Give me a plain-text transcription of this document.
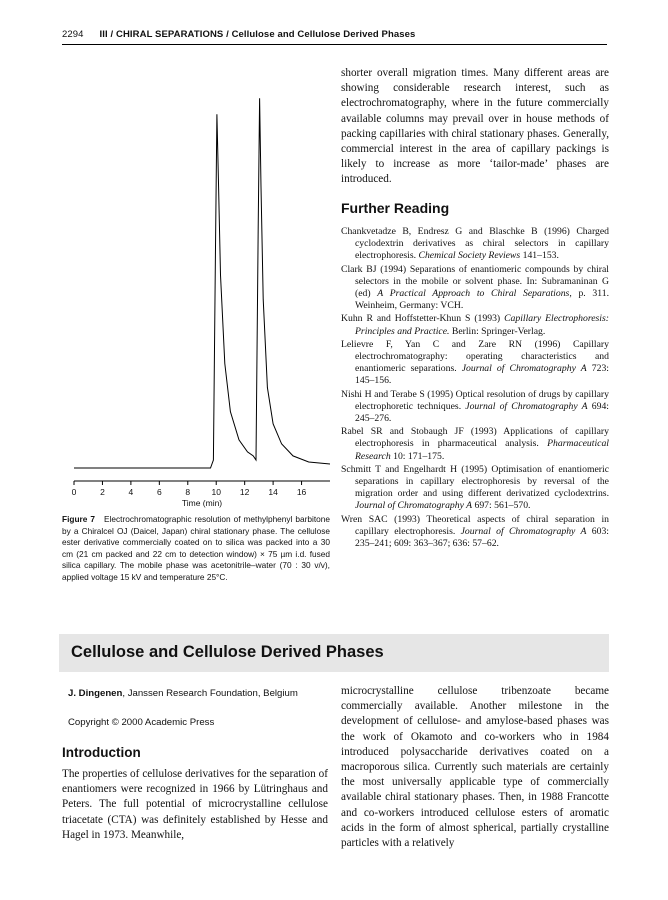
2294 III / CHIRAL SEPARATIONS / Cellulose and Cellulose Derived Phases
0	2	4	6	8	10 12 14 16
Time (min)
Figure 7 Electrochromatographic resolution of methylphenyl barbitone by a Chiralcel OJ (Daicel, Japan) chiral stationary phase. The cellulose ester derivative commercially coated on to silica was packed into a 30 cm (21 cm packed and 22 cm to detection window) × 75 µm i.d. fused silica capillary. The mobile phase was acetonitrile–water (70 : 30 v/v), applied voltage 15 kV and temperature 25°C.

shorter overall migration times. Many different areas are showing considerable research interest, such as electrochromatography, where in the future commercially available columns may prevail over in house methods of packing capillaries with chiral stationary phases. Generally, commercial interest in the area of capillary packings is likely to increase as more ‘tailor-made’ phases are introduced.

Further Reading

Chankvetadze B, Endresz G and Blaschke B (1996) Charged cyclodextrin derivatives as chiral selectors in capillary electrophoresis. Chemical Society Reviews 141–153.

Clark BJ (1994) Separations of enantiomeric compounds by chiral selectors in the mobile or solvent phase. In: Subramaninan G (ed) A Practical Approach to Chiral Separations, p. 311. Weinheim, Germany: VCH.

Kuhn R and Hoffstetter-Khun S (1993) Capillary Electrophoresis: Principles and Practice. Berlin: Springer-Verlag.

Lelievre F, Yan C and Zare RN (1996) Capillary electrochromatography: operating characteristics and enantiomeric separations. Journal of Chromatography A 723: 145–156.

Nishi H and Terabe S (1995) Optical resolution of drugs by capillary electrophoretic techniques. Journal of Chromatography A 694: 245–276.

Rabel SR and Stobaugh JF (1993) Applications of capillary electrophoresis in pharmaceutical analysis. Pharmaceutical Research 10: 171–175.

Schmitt T and Engelhardt H (1995) Optimisation of enantiomeric separations in capillary electrophoresis by reversal of the migration order and using different derivatized cyclodextrins. Journal of Chromatography A 697: 561–570.

Wren SAC (1993) Theoretical aspects of chiral separation in capillary electrophoresis. Journal of Chromatography A 603: 235–241; 609: 363–367; 636: 57–62.

Cellulose and Cellulose Derived Phases
J. Dingenen, Janssen Research Foundation, Belgium
Copyright © 2000 Academic Press
Introduction

The properties of cellulose derivatives for the separation of enantiomers were recognized in 1966 by Lütringhaus and Peters. The full potential of microcrystalline cellulose triacetate (CTA) was definitely established by Hesse and Hagel in 1973. Meanwhile,

microcrystalline cellulose tribenzoate became commercially available. Another milestone in the development of cellulose- and amylose-based phases was the work of Okamoto and co-workers who in 1984 introduced polysaccharide derivatives coated on a macroporous silica. Currently such materials are certainly the most universally applicable type of commercially available chiral stationary phases. Then, in 1988 Francotte and co-workers introduced cellulose esters of aromatic acids in the form of almost spherical, partially crystalline particles with a relatively
